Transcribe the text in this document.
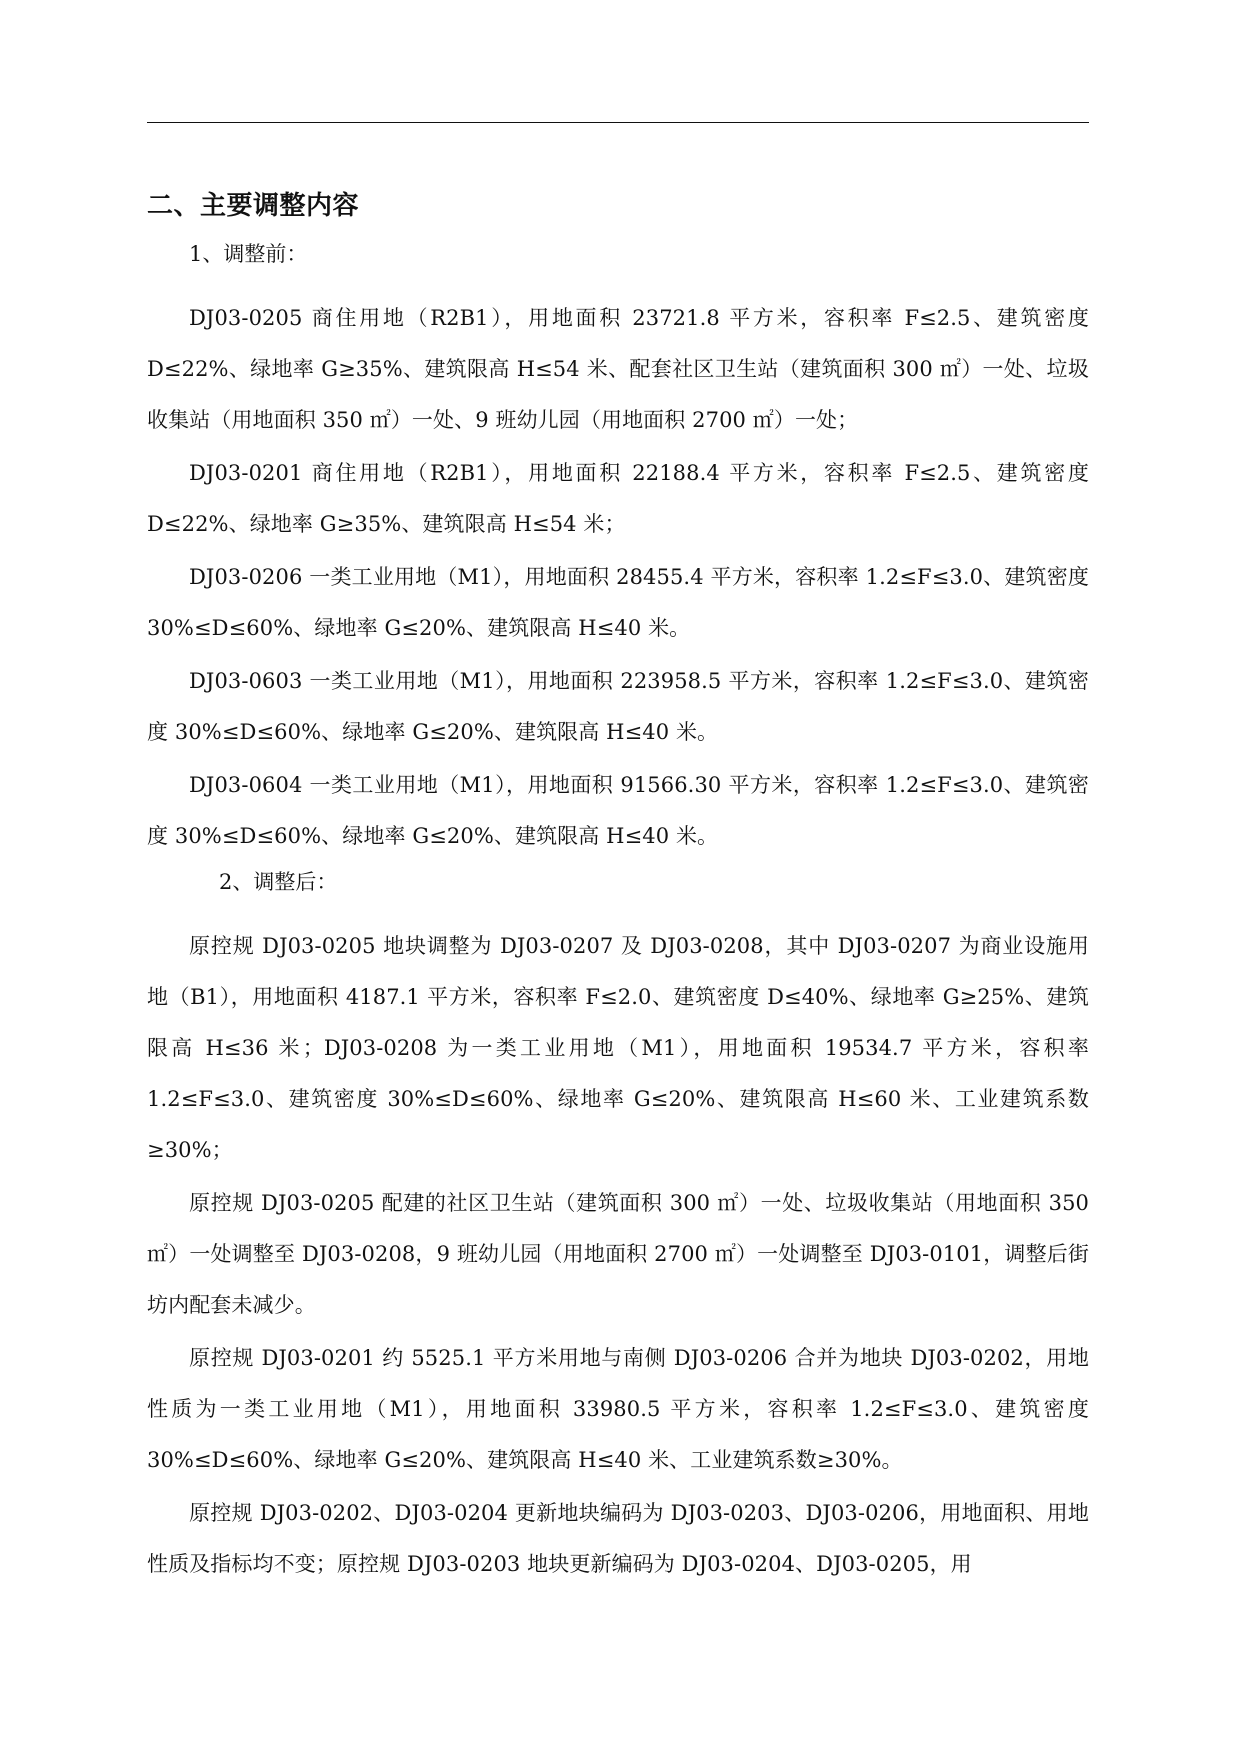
二、主要调整内容

1、调整前：

DJ03-0205 商住用地（R2B1），用地面积 23721.8 平方米，容积率 F≤2.5、建筑密度 D≤22%、绿地率 G≥35%、建筑限高 H≤54 米、配套社区卫生站（建筑面积 300 ㎡）一处、垃圾收集站（用地面积 350 ㎡）一处、9 班幼儿园（用地面积 2700 ㎡）一处；

DJ03-0201 商住用地（R2B1），用地面积 22188.4 平方米，容积率 F≤2.5、建筑密度 D≤22%、绿地率 G≥35%、建筑限高 H≤54 米；

DJ03-0206 一类工业用地（M1），用地面积 28455.4 平方米，容积率 1.2≤F≤3.0、建筑密度 30%≤D≤60%、绿地率 G≤20%、建筑限高 H≤40 米。

DJ03-0603 一类工业用地（M1），用地面积 223958.5 平方米，容积率 1.2≤F≤3.0、建筑密度 30%≤D≤60%、绿地率 G≤20%、建筑限高 H≤40 米。

DJ03-0604 一类工业用地（M1），用地面积 91566.30 平方米，容积率 1.2≤F≤3.0、建筑密度 30%≤D≤60%、绿地率 G≤20%、建筑限高 H≤40 米。

2、调整后：

原控规 DJ03-0205 地块调整为 DJ03-0207 及 DJ03-0208，其中 DJ03-0207 为商业设施用地（B1），用地面积 4187.1 平方米，容积率 F≤2.0、建筑密度 D≤40%、绿地率 G≥25%、建筑限高 H≤36 米；DJ03-0208 为一类工业用地（M1），用地面积 19534.7 平方米，容积率 1.2≤F≤3.0、建筑密度 30%≤D≤60%、绿地率 G≤20%、建筑限高 H≤60 米、工业建筑系数≥30%；

原控规 DJ03-0205 配建的社区卫生站（建筑面积 300 ㎡）一处、垃圾收集站（用地面积 350 ㎡）一处调整至 DJ03-0208，9 班幼儿园（用地面积 2700 ㎡）一处调整至 DJ03-0101，调整后街坊内配套未减少。

原控规 DJ03-0201 约 5525.1 平方米用地与南侧 DJ03-0206 合并为地块 DJ03-0202，用地性质为一类工业用地（M1），用地面积 33980.5 平方米，容积率 1.2≤F≤3.0、建筑密度 30%≤D≤60%、绿地率 G≤20%、建筑限高 H≤40 米、工业建筑系数≥30%。

原控规 DJ03-0202、DJ03-0204 更新地块编码为 DJ03-0203、DJ03-0206，用地面积、用地性质及指标均不变；原控规 DJ03-0203 地块更新编码为 DJ03-0204、DJ03-0205，用
